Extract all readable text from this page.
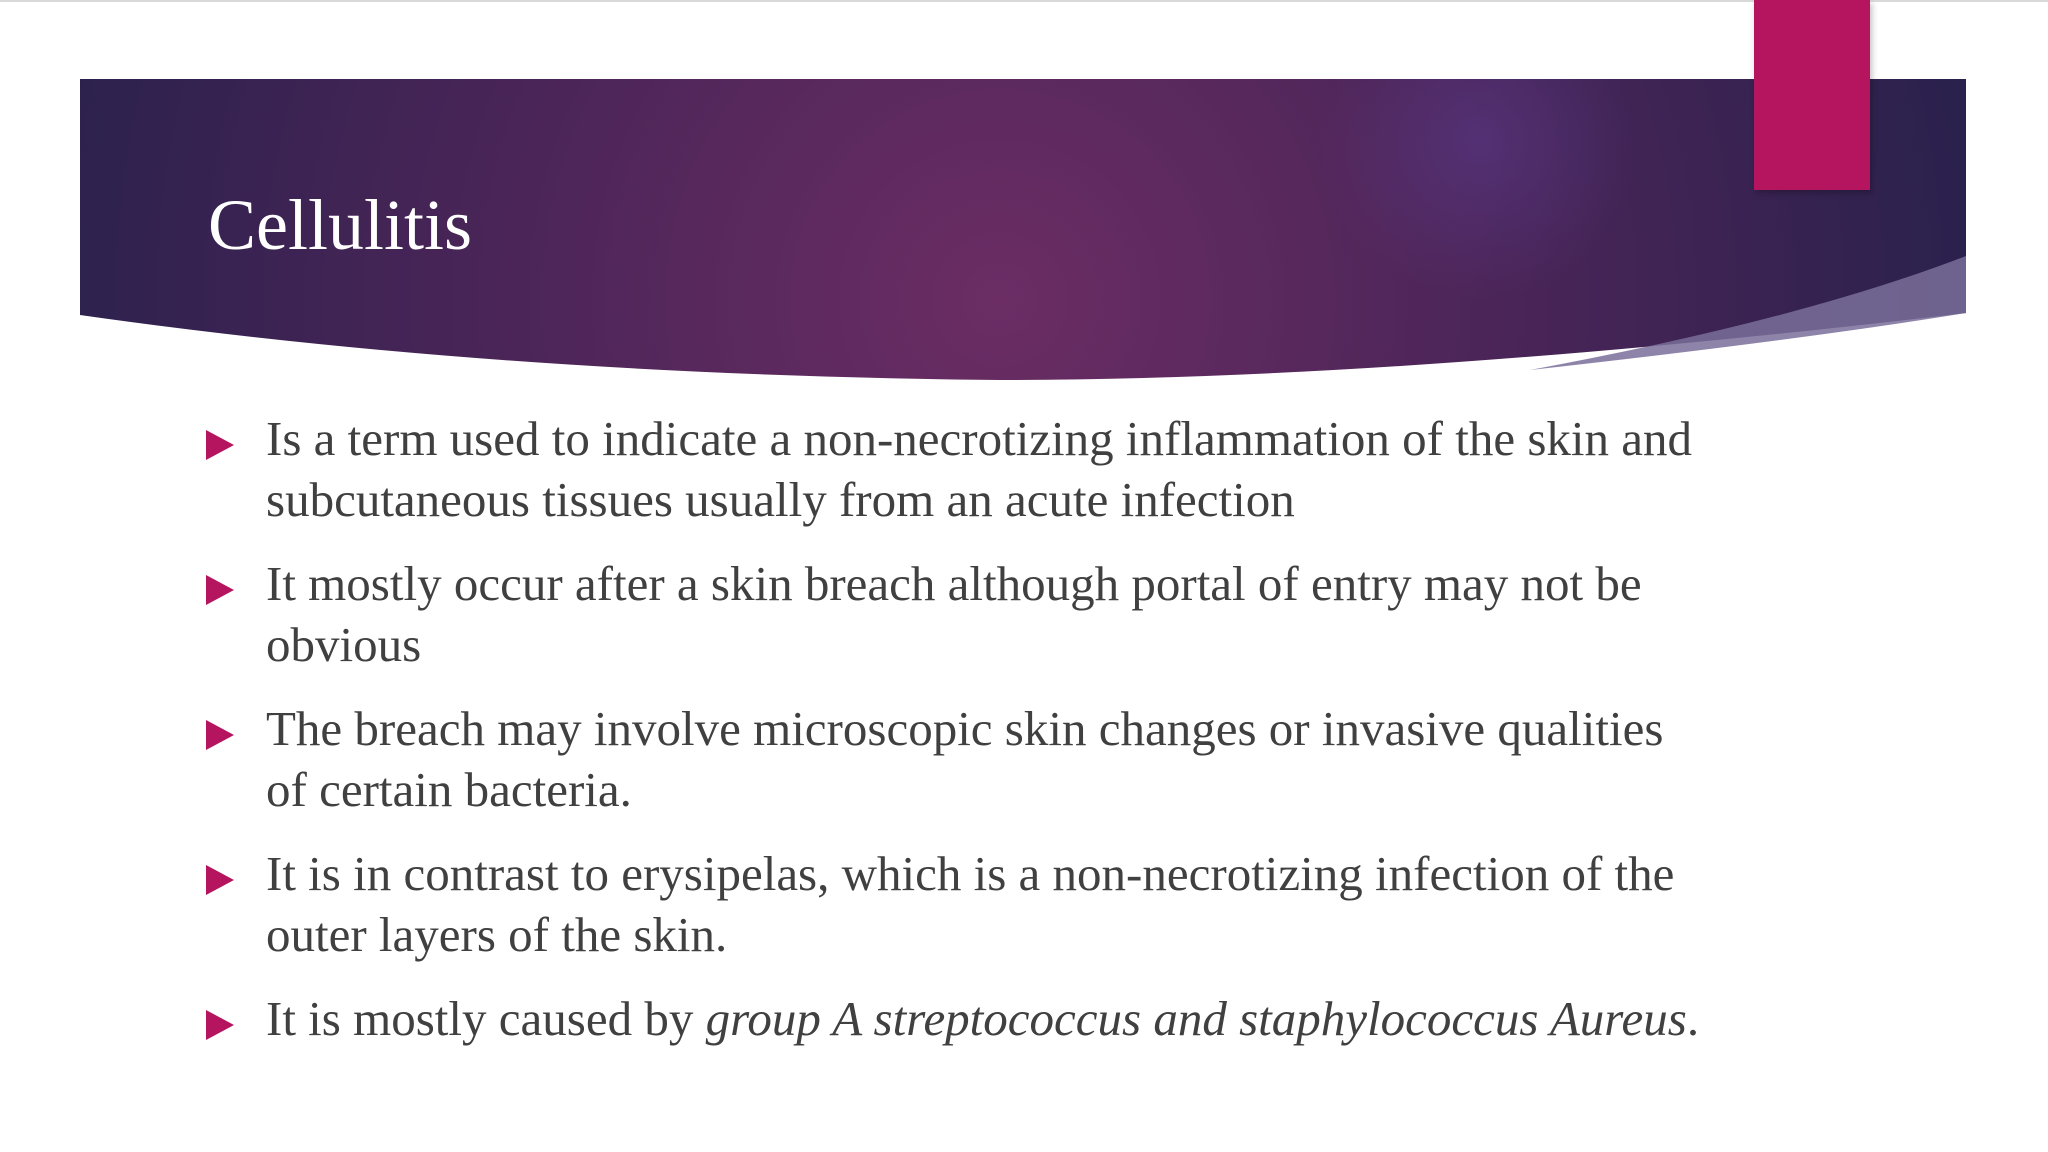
Cellulitis
Is a term used to indicate a non-necrotizing inflammation of the skin and subcutaneous tissues usually from an acute infection
It mostly occur after a skin breach although portal of entry may not be obvious
The breach may involve microscopic skin changes or invasive qualities of certain bacteria.
It is in contrast to erysipelas, which is a non-necrotizing infection of the outer layers of the skin.
It is mostly caused by group A streptococcus and staphylococcus Aureus.
